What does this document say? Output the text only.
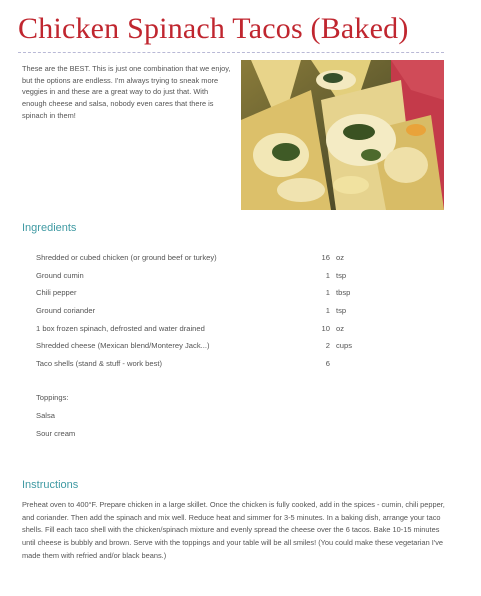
Chicken Spinach Tacos (Baked)
These are the BEST. This is just one combination that we enjoy, but the options are endless. I'm always trying to sneak more veggies in and these are a great way to do just that. With enough cheese and salsa, nobody even cares that there is spinach in them!
Ingredients
Shredded or cubed chicken (or ground beef or turkey)	16 oz
Ground cumin	1 tsp
Chili pepper	1 tbsp
Ground coriander	1 tsp
1 box frozen spinach, defrosted and water drained	10 oz
Shredded cheese (Mexican blend/Monterey Jack...)	2 cups
Taco shells (stand & stuff - work best)	6
Toppings:
Salsa
Sour cream
Instructions
Preheat oven to 400°F. Prepare chicken in a large skillet. Once the chicken is fully cooked, add in the spices - cumin, chili pepper, and coriander. Then add the spinach and mix well. Reduce heat and simmer for 3-5 minutes. In a baking dish, arrange your taco shells. Fill each taco shell with the chicken/spinach mixture and evenly spread the cheese over the 6 tacos. Bake 10-15 minutes until cheese is bubbly and brown. Serve with the toppings and your table will be all smiles! (You could make these vegetarian I've made them with refried and/or black beans.)
